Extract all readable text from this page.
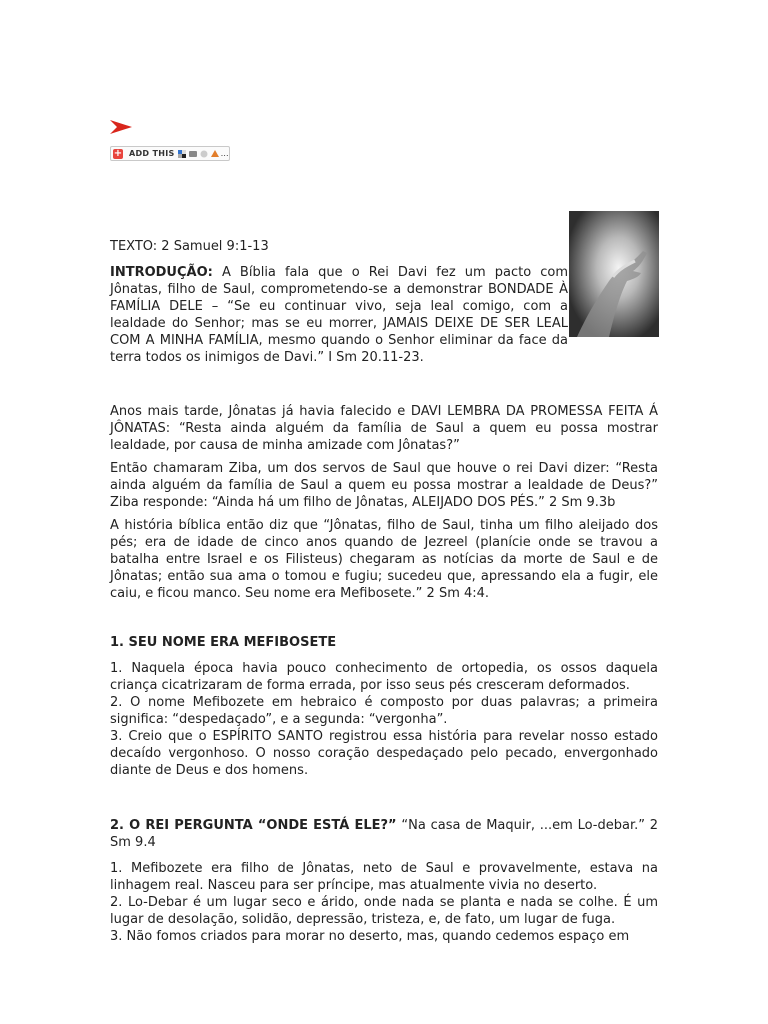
+ ADD THIS	…

TEXTO: 2 Samuel 9:1-13

INTRODUÇÃO: A Bíblia fala que o Rei Davi fez um pacto com Jônatas, filho de Saul, comprometendo-se a demonstrar BONDADE À FAMÍLIA DELE – “Se eu continuar vivo, seja leal comigo, com a lealdade do Senhor; mas se eu morrer, JAMAIS DEIXE DE SER LEAL COM A MINHA FAMÍLIA, mesmo quando o Senhor eliminar da face da terra todos os inimigos de Davi.” I Sm 20.11-23.

Anos mais tarde, Jônatas já havia falecido e DAVI LEMBRA DA PROMESSA FEITA Á JÔNATAS: “Resta ainda alguém da família de Saul a quem eu possa mostrar lealdade, por causa de minha amizade com Jônatas?”

Então chamaram Ziba, um dos servos de Saul que houve o rei Davi dizer: “Resta ainda alguém da família de Saul a quem eu possa mostrar a lealdade de Deus?” Ziba responde: “Ainda há um filho de Jônatas, ALEIJADO DOS PÉS.” 2 Sm 9.3b

A história bíblica então diz que “Jônatas, filho de Saul, tinha um filho aleijado dos pés; era de idade de cinco anos quando de Jezreel (planície onde se travou a batalha entre Israel e os Filisteus) chegaram as notícias da morte de Saul e de Jônatas; então sua ama o tomou e fugiu; sucedeu que, apressando ela a fugir, ele caiu, e ficou manco. Seu nome era Mefibosete.” 2 Sm 4:4.

1. SEU NOME ERA MEFIBOSETE

1. Naquela época havia pouco conhecimento de ortopedia, os ossos daquela criança cicatrizaram de forma errada, por isso seus pés cresceram deformados.

2. O nome Mefibozete em hebraico é composto por duas palavras; a primeira significa: “despedaçado”, e a segunda: “vergonha”.

3. Creio que o ESPÍRITO SANTO registrou essa história para revelar nosso estado decaído vergonhoso. O nosso coração despedaçado pelo pecado, envergonhado diante de Deus e dos homens.

2. O REI PERGUNTA “ONDE ESTÁ ELE?” “Na casa de Maquir, ...em Lo-debar.” 2 Sm 9.4

1. Mefibozete era filho de Jônatas, neto de Saul e provavelmente, estava na linhagem real. Nasceu para ser príncipe, mas atualmente vivia no deserto.

2. Lo-Debar é um lugar seco e árido, onde nada se planta e nada se colhe. É um lugar de desolação, solidão, depressão, tristeza, e, de fato, um lugar de fuga.

3. Não fomos criados para morar no deserto, mas, quando cedemos espaço em
